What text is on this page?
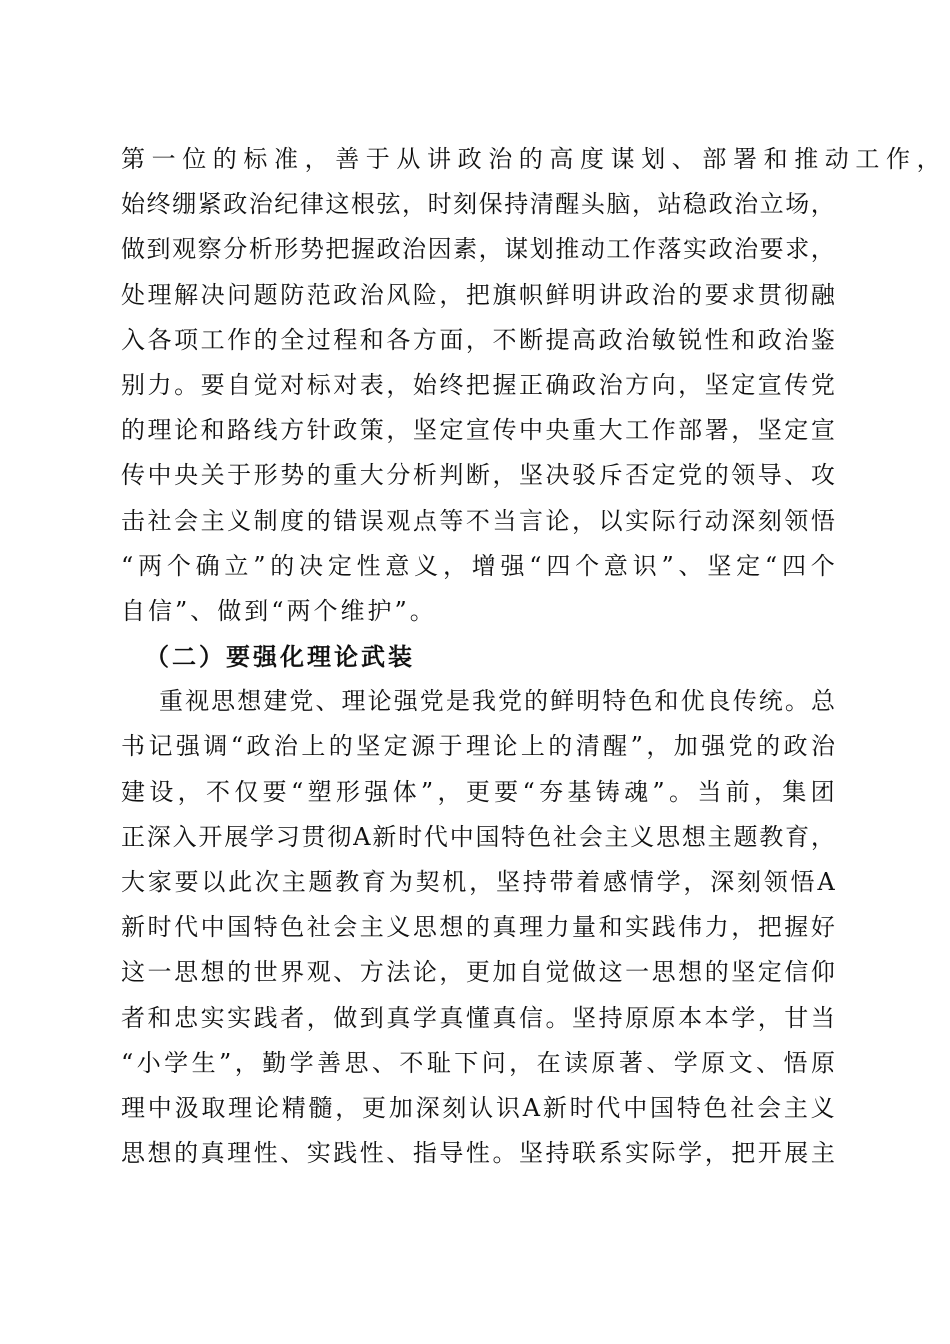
第一位的标准，善于从讲政治的高度谋划、部署和推动工作，
始 终 绷 紧 政 治 纪 律 这 根 弦 ， 时 刻 保 持 清 醒 头 脑 ， 站 稳 政 治 立 场 ，
做 到 观 察 分 析 形 势 把 握 政 治 因 素 ， 谋 划 推 动 工 作 落 实 政 治 要 求 ，
处 理 解 决 问 题 防 范 政 治 风 险 ， 把 旗 帜 鲜 明 讲 政 治 的 要 求 贯 彻 融
入 各 项 工 作 的 全 过 程 和 各 方 面 ， 不 断 提 高 政 治 敏 锐 性 和 政 治 鉴
别 力 。 要 自 觉 对 标 对 表 ， 始 终 把 握 正 确 政 治 方 向 ， 坚 定 宣 传 党
的 理 论 和 路 线 方 针 政 策 ， 坚 定 宣 传 中 央 重 大 工 作 部 署 ， 坚 定 宣
传 中 央 关 于 形 势 的 重 大 分 析 判 断 ， 坚 决 驳 斥 否 定 党 的 领 导 、 攻
击 社 会 主 义 制 度 的 错 误 观 点 等 不 当 言 论 ， 以 实 际 行 动 深 刻 领 悟
“ 两 个 确 立 ” 的 决 定 性 意 义 ， 增 强 “ 四 个 意 识 ” 、 坚 定 “ 四 个
自信”、做到“两个维护”。
（二）要强化理论武装
重 视 思 想 建 党 、 理 论 强 党 是 我 党 的 鲜 明 特 色 和 优 良 传 统 。 总
书 记 强 调 “ 政 治 上 的 坚 定 源 于 理 论 上 的 清 醒 ” ， 加 强 党 的 政 治
建 设 ， 不 仅 要 “ 塑 形 强 体 ” ， 更 要 “ 夯 基 铸 魂 ” 。 当 前 ， 集 团
正 深 入 开 展 学 习 贯 彻 A 新 时 代 中 国 特 色 社 会 主 义 思 想 主 题 教 育 ，
大 家 要 以 此 次 主 题 教 育 为 契 机 ， 坚 持 带 着 感 情 学 ， 深 刻 领 悟 A
新 时 代 中 国 特 色 社 会 主 义 思 想 的 真 理 力 量 和 实 践 伟 力 ， 把 握 好
这 一 思 想 的 世 界 观 、 方 法 论 ， 更 加 自 觉 做 这 一 思 想 的 坚 定 信 仰
者 和 忠 实 实 践 者 ， 做 到 真 学 真 懂 真 信 。 坚 持 原 原 本 本 学 ， 甘 当
“ 小 学 生 ” ， 勤 学 善 思 、 不 耻 下 问 ， 在 读 原 著 、 学 原 文 、 悟 原
理 中 汲 取 理 论 精 髓 ， 更 加 深 刻 认 识 A 新 时 代 中 国 特 色 社 会 主 义
思 想 的 真 理 性 、 实 践 性 、 指 导 性 。 坚 持 联 系 实 际 学 ， 把 开 展 主
